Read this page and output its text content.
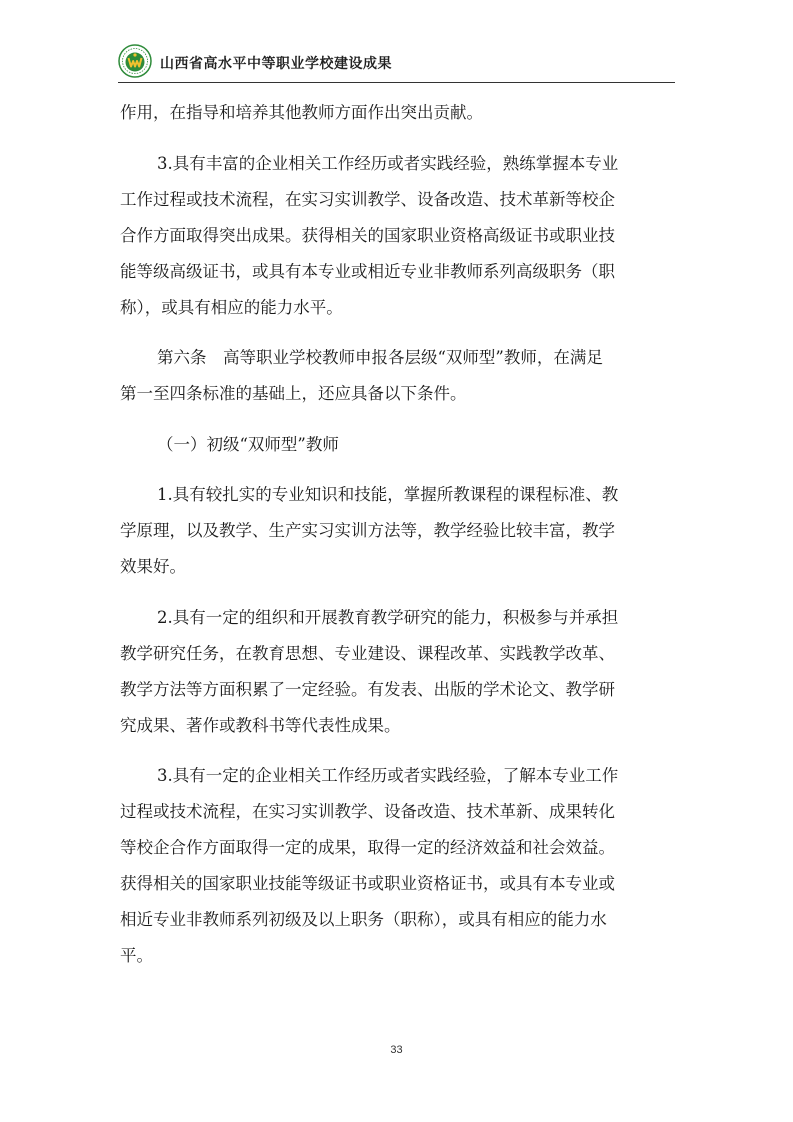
山西省高水平中等职业学校建设成果
作用，在指导和培养其他教师方面作出突出贡献。
3.具有丰富的企业相关工作经历或者实践经验，熟练掌握本专业
工作过程或技术流程，在实习实训教学、设备改造、技术革新等校企
合作方面取得突出成果。获得相关的国家职业资格高级证书或职业技
能等级高级证书，或具有本专业或相近专业非教师系列高级职务（职
称），或具有相应的能力水平。
第六条　高等职业学校教师申报各层级“双师型”教师，在满足
第一至四条标准的基础上，还应具备以下条件。
（一）初级“双师型”教师
1.具有较扎实的专业知识和技能，掌握所教课程的课程标准、教
学原理，以及教学、生产实习实训方法等，教学经验比较丰富，教学
效果好。
2.具有一定的组织和开展教育教学研究的能力，积极参与并承担
教学研究任务，在教育思想、专业建设、课程改革、实践教学改革、
教学方法等方面积累了一定经验。有发表、出版的学术论文、教学研
究成果、著作或教科书等代表性成果。
3.具有一定的企业相关工作经历或者实践经验，了解本专业工作
过程或技术流程，在实习实训教学、设备改造、技术革新、成果转化
等校企合作方面取得一定的成果，取得一定的经济效益和社会效益。
获得相关的国家职业技能等级证书或职业资格证书，或具有本专业或
相近专业非教师系列初级及以上职务（职称），或具有相应的能力水
平。
33
